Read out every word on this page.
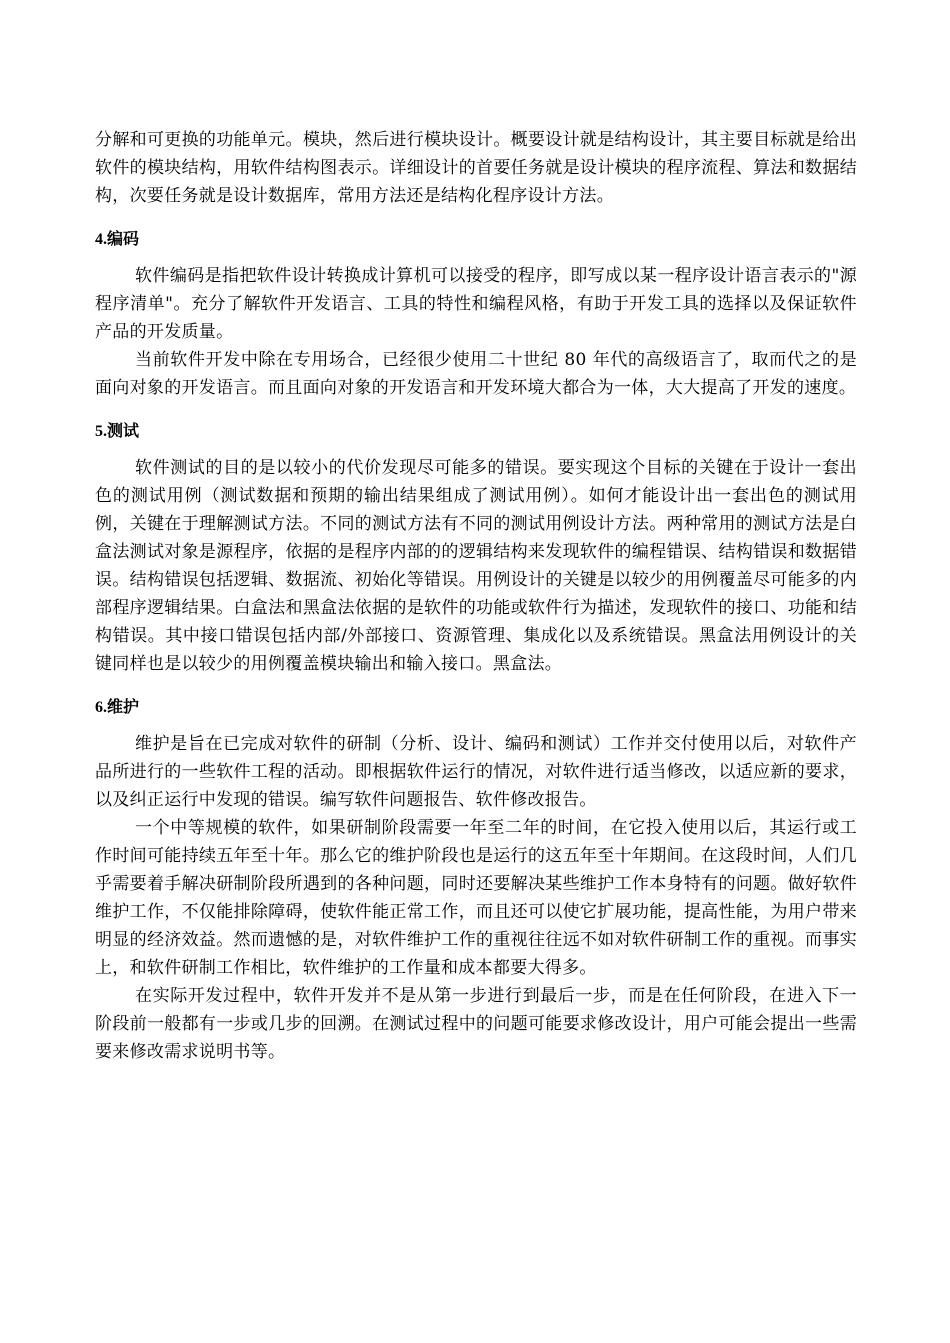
分解和可更换的功能单元。模块，然后进行模块设计。概要设计就是结构设计，其主要目标就是给出软件的模块结构，用软件结构图表示。详细设计的首要任务就是设计模块的程序流程、算法和数据结构，次要任务就是设计数据库，常用方法还是结构化程序设计方法。

4.编码

软件编码是指把软件设计转换成计算机可以接受的程序，即写成以某一程序设计语言表示的"源程序清单"。充分了解软件开发语言、工具的特性和编程风格，有助于开发工具的选择以及保证软件产品的开发质量。

当前软件开发中除在专用场合，已经很少使用二十世纪 80 年代的高级语言了，取而代之的是面向对象的开发语言。而且面向对象的开发语言和开发环境大都合为一体，大大提高了开发的速度。

5.测试

软件测试的目的是以较小的代价发现尽可能多的错误。要实现这个目标的关键在于设计一套出色的测试用例（测试数据和预期的输出结果组成了测试用例）。如何才能设计出一套出色的测试用例，关键在于理解测试方法。不同的测试方法有不同的测试用例设计方法。两种常用的测试方法是白盒法测试对象是源程序，依据的是程序内部的的逻辑结构来发现软件的编程错误、结构错误和数据错误。结构错误包括逻辑、数据流、初始化等错误。用例设计的关键是以较少的用例覆盖尽可能多的内部程序逻辑结果。白盒法和黑盒法依据的是软件的功能或软件行为描述，发现软件的接口、功能和结构错误。其中接口错误包括内部/外部接口、资源管理、集成化以及系统错误。黑盒法用例设计的关键同样也是以较少的用例覆盖模块输出和输入接口。黑盒法。

6.维护

维护是旨在已完成对软件的研制（分析、设计、编码和测试）工作并交付使用以后，对软件产品所进行的一些软件工程的活动。即根据软件运行的情况，对软件进行适当修改，以适应新的要求，以及纠正运行中发现的错误。编写软件问题报告、软件修改报告。

一个中等规模的软件，如果研制阶段需要一年至二年的时间，在它投入使用以后，其运行或工作时间可能持续五年至十年。那么它的维护阶段也是运行的这五年至十年期间。在这段时间，人们几乎需要着手解决研制阶段所遇到的各种问题，同时还要解决某些维护工作本身特有的问题。做好软件维护工作，不仅能排除障碍，使软件能正常工作，而且还可以使它扩展功能，提高性能，为用户带来明显的经济效益。然而遗憾的是，对软件维护工作的重视往往远不如对软件研制工作的重视。而事实上，和软件研制工作相比，软件维护的工作量和成本都要大得多。

在实际开发过程中，软件开发并不是从第一步进行到最后一步，而是在任何阶段，在进入下一阶段前一般都有一步或几步的回溯。在测试过程中的问题可能要求修改设计，用户可能会提出一些需要来修改需求说明书等。
